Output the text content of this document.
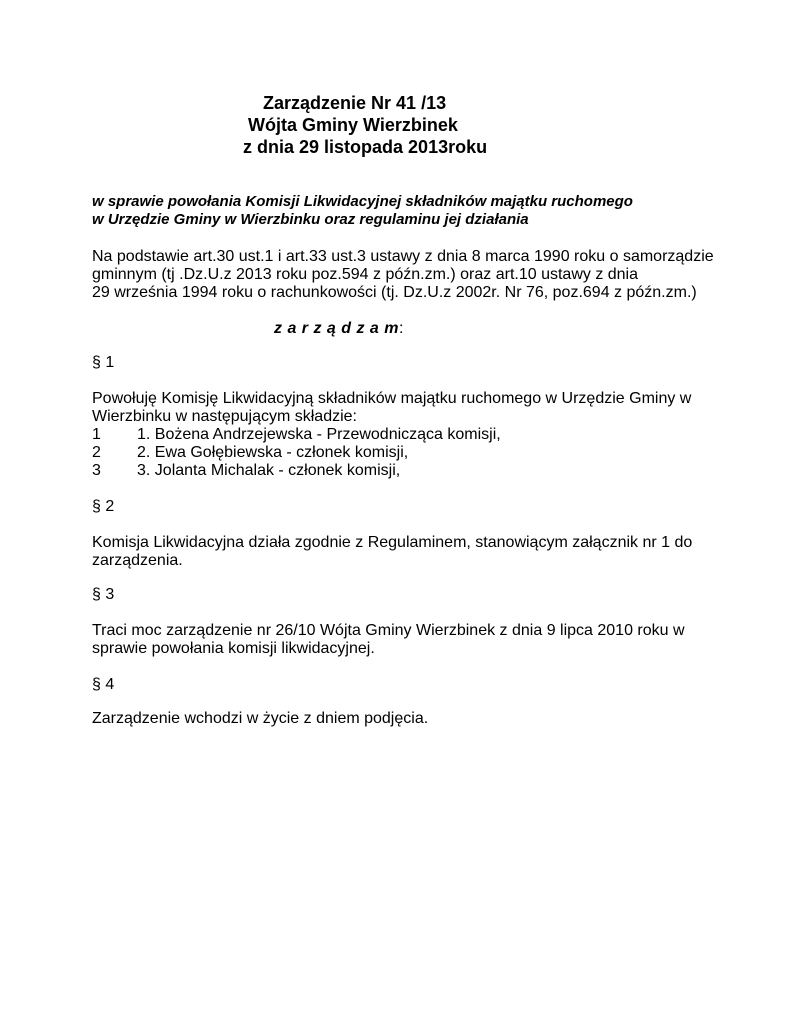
Zarządzenie Nr 41 /13
Wójta Gminy Wierzbinek
z dnia 29 listopada 2013roku
w sprawie powołania Komisji Likwidacyjnej składników majątku ruchomego
w Urzędzie Gminy w Wierzbinku oraz regulaminu jej działania
Na podstawie art.30 ust.1 i art.33 ust.3 ustawy z dnia 8 marca 1990 roku o samorządzie
gminnym (tj .Dz.U.z 2013 roku poz.594 z późn.zm.) oraz art.10 ustawy z dnia
29 września 1994 roku o rachunkowości (tj. Dz.U.z 2002r. Nr 76, poz.694 z późn.zm.)
z a r z ą d z a m:
§ 1
Powołuję Komisję Likwidacyjną składników majątku ruchomego w Urzędzie Gminy w
Wierzbinku w następującym składzie:
1 1. Bożena Andrzejewska - Przewodnicząca komisji,
2 2. Ewa Gołębiewska - członek komisji,
3 3. Jolanta Michalak - członek komisji,
§ 2
Komisja Likwidacyjna działa zgodnie z Regulaminem, stanowiącym załącznik nr 1 do
zarządzenia.
§ 3
Traci moc zarządzenie nr 26/10 Wójta Gminy Wierzbinek z dnia 9 lipca 2010 roku w
sprawie powołania komisji likwidacyjnej.
§ 4
Zarządzenie wchodzi w życie z dniem podjęcia.
